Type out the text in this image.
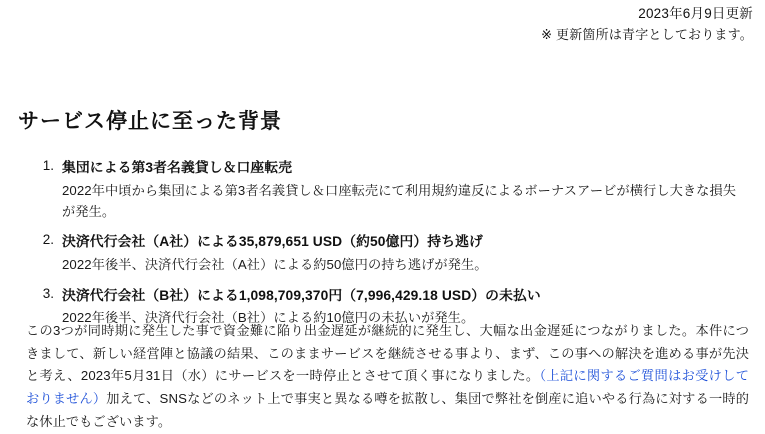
2023年6月9日更新
※ 更新箇所は青字としております。
サービス停止に至った背景
1. 集団による第3者名義貸し＆口座転売
2022年中頃から集団による第3者名義貸し＆口座転売にて利用規約違反によるボーナスアービが横行し大きな損失が発生。
2. 決済代行会社（A社）による35,879,651 USD（約50億円）持ち逃げ
2022年後半、決済代行会社（A社）による約50億円の持ち逃げが発生。
3. 決済代行会社（B社）による1,098,709,370円（7,996,429.18 USD）の未払い
2022年後半、決済代行会社（B社）による約10億円の未払いが発生。
この3つが同時期に発生した事で資金難に陥り出金遅延が継続的に発生し、大幅な出金遅延につながりました。本件につきまして、新しい経営陣と協議の結果、このままサービスを継続させる事より、まず、この事への解決を進める事が先決と考え、2023年5月31日（水）にサービスを一時停止とさせて頂く事になりました。（上記に関するご質問はお受けしておりません）加えて、SNSなどのネット上で事実と異なる噂を拡散し、集団で弊社を倒産に追いやる行為に対する一時的な休止でもございます。
